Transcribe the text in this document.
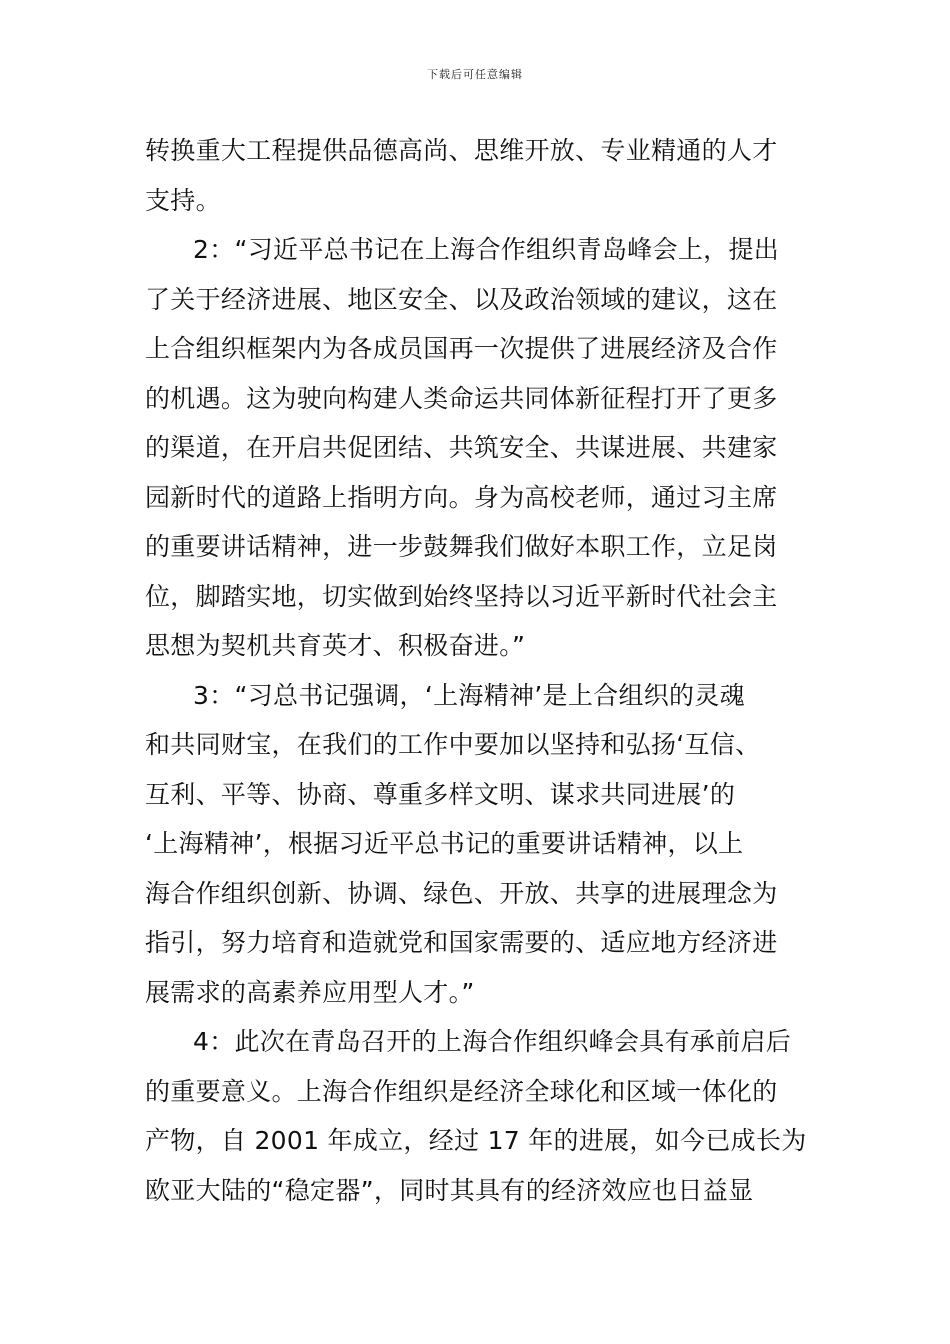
下载后可任意编辑
转换重大工程提供品德高尚、思维开放、专业精通的人才
支持。
2：“习近平总书记在上海合作组织青岛峰会上，提出
了关于经济进展、地区安全、以及政治领域的建议，这在
上合组织框架内为各成员国再一次提供了进展经济及合作
的机遇。这为驶向构建人类命运共同体新征程打开了更多
的渠道，在开启共促团结、共筑安全、共谋进展、共建家
园新时代的道路上指明方向。身为高校老师，通过习主席
的重要讲话精神，进一步鼓舞我们做好本职工作，立足岗
位，脚踏实地，切实做到始终坚持以习近平新时代社会主
思想为契机共育英才、积极奋进。”
3：“习总书记强调，‘上海精神’是上合组织的灵魂
和共同财宝，在我们的工作中要加以坚持和弘扬‘互信、
互利、平等、协商、尊重多样文明、谋求共同进展’的
‘上海精神’，根据习近平总书记的重要讲话精神，以上
海合作组织创新、协调、绿色、开放、共享的进展理念为
指引，努力培育和造就党和国家需要的、适应地方经济进
展需求的高素养应用型人才。”
4：此次在青岛召开的上海合作组织峰会具有承前启后
的重要意义。上海合作组织是经济全球化和区域一体化的
产物，自 2001 年成立，经过 17 年的进展，如今已成长为
欧亚大陆的“稳定器”，同时其具有的经济效应也日益显
